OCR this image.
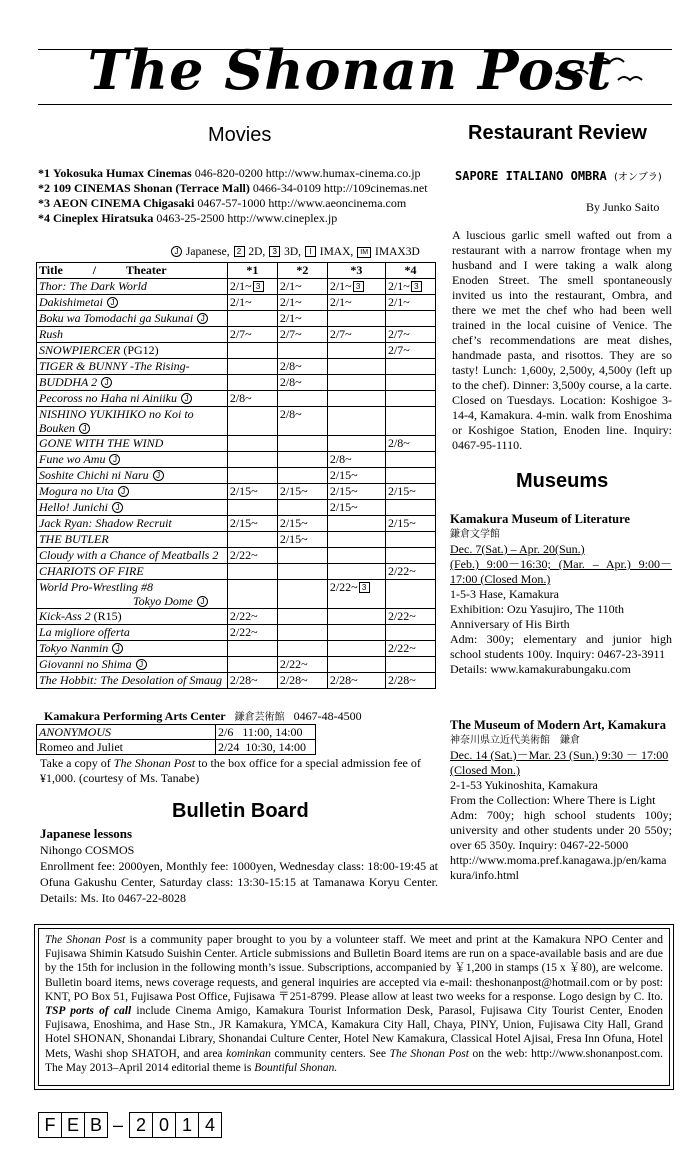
The Shonan Post
Movies
*1 Yokosuka Humax Cinemas 046-820-0200 http://www.humax-cinema.co.jp
*2 109 CINEMAS Shonan (Terrace Mall) 0466-34-0109 http://109cinemas.net
*3 AEON CINEMA Chigasaki 0467-57-1000 http://www.aeoncinema.com
*4 Cineplex Hiratsuka 0463-25-2500 http://www.cineplex.jp
J Japanese, 2 2D, 3 3D, I IMAX, IM IMAX3D
Title          /          Theater	*1	*2	*3	*4
Thor: The Dark World	2/1~ 3	2/1~	2/1~ 3	2/1~ 3
Dakishimetai J	2/1~	2/1~	2/1~	2/1~
Boku wa Tomodachi ga Sukunai J		2/1~		
Rush	2/7~	2/7~	2/7~	2/7~
SNOWPIERCER (PG12)				2/7~
TIGER & BUNNY -The Rising-		2/8~		
BUDDHA 2 J		2/8~		
Pecoross no Haha ni Ainiiku J	2/8~			
NISHINO YUKIHIKO no Koi to
Bouken J		2/8~		
GONE WITH THE WIND				2/8~
Fune wo Amu J			2/8~	
Soshite Chichi ni Naru J			2/15~	
Mogura no Uta J	2/15~	2/15~	2/15~	2/15~
Hello! Junichi J			2/15~	
Jack Ryan: Shadow Recruit	2/15~	2/15~		2/15~
THE BUTLER		2/15~		
Cloudy with a Chance of Meatballs 2	2/22~			
CHARIOTS OF FIRE				2/22~
World Pro-Wrestling #8
Tokyo Dome J			2/22~ 3	
Kick-Ass 2 (R15)	2/22~			2/22~
La migliore offerta	2/22~			
Tokyo Nanmin J				2/22~
Giovanni no Shima J		2/22~		
The Hobbit: The Desolation of Smaug	2/28~	2/28~	2/28~	2/28~
Kamakura Performing Arts Center 鎌倉芸術館 0467-48-4500
ANONYMOUS	2/6   11:00, 14:00
Romeo and Juliet	2/24  10:30, 14:00
Take a copy of The Shonan Post to the box office for a special admission fee of ¥1,000. (courtesy of Ms. Tanabe)
Bulletin Board
Japanese lessons
Nihongo COSMOS
Enrollment fee: 2000yen, Monthly fee: 1000yen, Wednesday class: 18:00-19:45 at Ofuna Gakushu Center, Saturday class: 13:30-15:15 at Tamanawa Koryu Center. Details: Ms. Ito 0467-22-8028
Restaurant Review
SAPORE ITALIANO OMBRA (オンブラ)
By Junko Saito
A luscious garlic smell wafted out from a restaurant with a narrow frontage when my husband and I were taking a walk along Enoden Street. The smell spontaneously invited us into the restaurant, Ombra, and there we met the chef who had been well trained in the local cuisine of Venice. The chef’s recommendations are meat dishes, handmade pasta, and risottos. They are so tasty! Lunch: 1,600y, 2,500y, 4,500y (left up to the chef). Dinner: 3,500y course, a la carte. Closed on Tuesdays. Location: Koshigoe 3-14-4, Kamakura. 4-min. walk from Enoshima or Koshigoe Station, Enoden line. Inquiry: 0467-95-1110.
Museums
Kamakura Museum of Literature
鎌倉文学館
Dec. 7(Sat.) – Apr. 20(Sun.)
(Feb.) 9:00－16:30; (Mar. – Apr.) 9:00－17:00 (Closed Mon.)
1-5-3 Hase, Kamakura
Exhibition: Ozu Yasujiro, The 110th Anniversary of His Birth
Adm: 300y; elementary and junior high school students 100y. Inquiry: 0467-23-3911
Details: www.kamakurabungaku.com
The Museum of Modern Art, Kamakura
神奈川県立近代美術館　鎌倉
Dec. 14 (Sat.)－Mar. 23 (Sun.) 9:30 － 17:00 (Closed Mon.)
2-1-53 Yukinoshita, Kamakura
From the Collection: Where There is Light
Adm: 700y; high school students 100y; university and other students under 20 550y; over 65 350y. Inquiry: 0467-22-5000
http://www.moma.pref.kanagawa.jp/en/kamakura/info.html
The Shonan Post is a community paper brought to you by a volunteer staff. We meet and print at the Kamakura NPO Center and Fujisawa Shimin Katsudo Suishin Center. Article submissions and Bulletin Board items are run on a space-available basis and are due by the 15th for inclusion in the following month’s issue. Subscriptions, accompanied by ￥1,200 in stamps (15 x ￥80), are welcome. Bulletin board items, news coverage requests, and general inquiries are accepted via e-mail: theshonanpost@hotmail.com or by post: KNT, PO Box 51, Fujisawa Post Office, Fujisawa 〒251-8799. Please allow at least two weeks for a response. Logo design by C. Ito. TSP ports of call include Cinema Amigo, Kamakura Tourist Information Desk, Parasol, Fujisawa City Tourist Center, Enoden Fujisawa, Enoshima, and Hase Stn., JR Kamakura, YMCA, Kamakura City Hall, Chaya, PINY, Union, Fujisawa City Hall, Grand Hotel SHONAN, Shonandai Library, Shonandai Culture Center, Hotel New Kamakura, Classical Hotel Ajisai, Fresa Inn Ofuna, Hotel Mets, Washi shop SHATOH, and area kominkan community centers. See The Shonan Post on the web: http://www.shonanpost.com. The May 2013–April 2014 editorial theme is Bountiful Shonan.
F E B – 2 0 1 4
